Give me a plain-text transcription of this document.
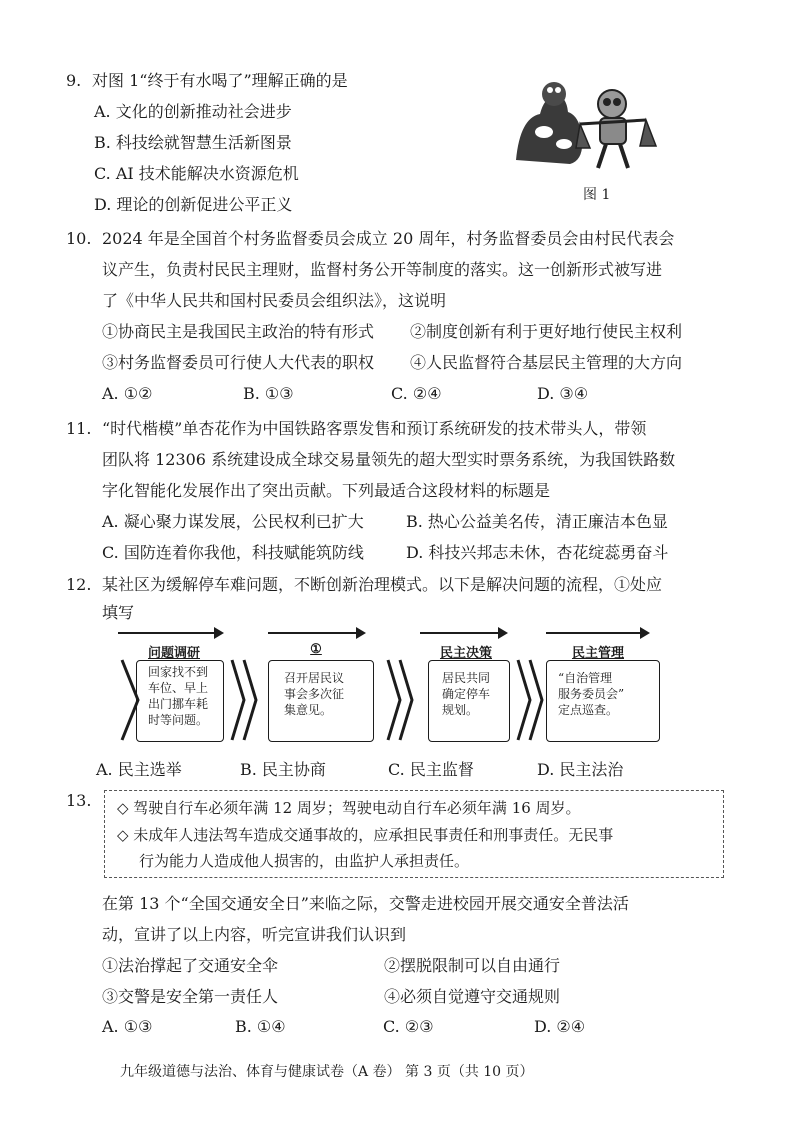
9. 对图 1“终于有水喝了”理解正确的是
A. 文化的创新推动社会进步
B. 科技绘就智慧生活新图景
C. AI 技术能解决水资源危机
D. 理论的创新促进公平正义	图 1
10. 2024 年是全国首个村务监督委员会成立 20 周年，村务监督委员会由村民代表会
议产生，负责村民民主理财，监督村务公开等制度的落实。这一创新形式被写进
了《中华人民共和国村民委员会组织法》，这说明
①协商民主是我国民主政治的特有形式 ②制度创新有利于更好地行使民主权利
③村务监督委员可行使人大代表的职权 ④人民监督符合基层民主管理的大方向
A. ①②	B. ①③	C. ②④	D. ③④
11. “时代楷模”单杏花作为中国铁路客票发售和预订系统研发的技术带头人，带领
团队将 12306 系统建设成全球交易量领先的超大型实时票务系统，为我国铁路数
字化智能化发展作出了突出贡献。下列最适合这段材料的标题是
A. 凝心聚力谋发展，公民权利已扩大	B. 热心公益美名传，清正廉洁本色显
C. 国防连着你我他，科技赋能筑防线	D. 科技兴邦志未休，杏花绽蕊勇奋斗
12. 某社区为缓解停车难问题，不断创新治理模式。以下是解决问题的流程，①处应
填写
问题调研
回家找不到
车位、早上
出门挪车耗
时等问题。
①
召开居民议
事会多次征
集意见。
民主决策
居民共同
确定停车
规划。
民主管理
“自治管理
服务委员会”
定点巡查。
A. 民主选举	B. 民主协商	C. 民主监督	D. 民主法治
13. ◇ 驾驶自行车必须年满 12 周岁；驾驶电动自行车必须年满 16 周岁。
◇ 未成年人违法驾车造成交通事故的，应承担民事责任和刑事责任。无民事
行为能力人造成他人损害的，由监护人承担责任。
在第 13 个“全国交通安全日”来临之际，交警走进校园开展交通安全普法活
动，宣讲了以上内容，听完宣讲我们认识到
①法治撑起了交通安全伞	②摆脱限制可以自由通行
③交警是安全第一责任人	④必须自觉遵守交通规则
A. ①③	B. ①④	C. ②③	D. ②④
九年级道德与法治、体育与健康试卷（A 卷） 第 3 页（共 10 页）
